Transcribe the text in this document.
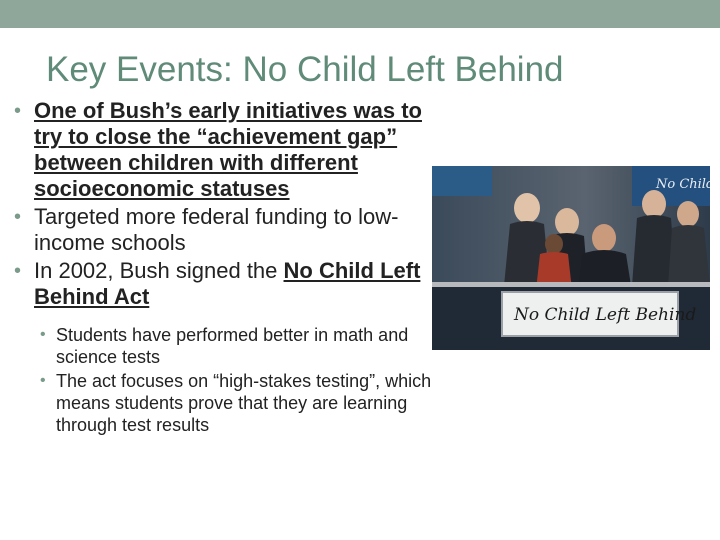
Key Events: No Child Left Behind
• One of Bush’s early initiatives was to try to close the “achievement gap” between children with different socioeconomic statuses
• Targeted more federal funding to low-income schools
• In 2002, Bush signed the No Child Left Behind Act
• Students have performed better in math and science tests
• The act focuses on “high-stakes testing”, which means students prove that they are learning through test results
No Child
No Child Left Behind
